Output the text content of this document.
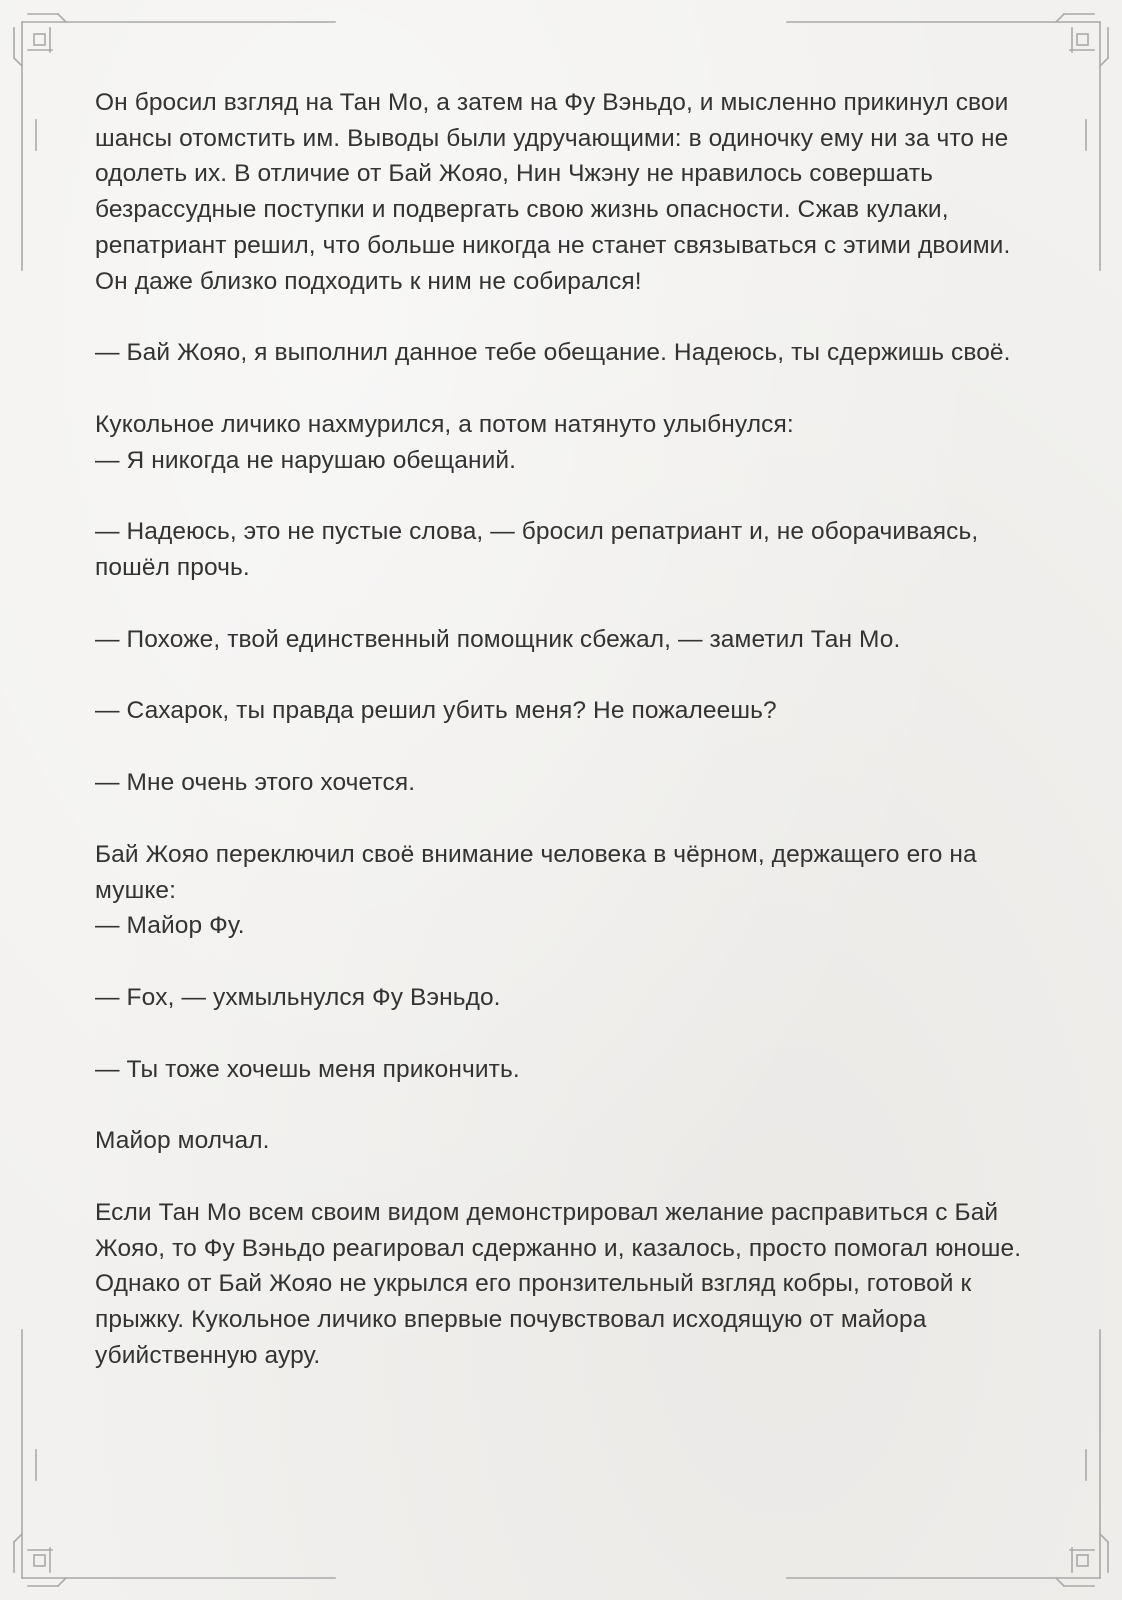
Он бросил взгляд на Тан Мо, а затем на Фу Вэньдо, и мысленно прикинул свои шансы отомстить им. Выводы были удручающими: в одиночку ему ни за что не одолеть их. В отличие от Бай Жояо, Нин Чжэну не нравилось совершать безрассудные поступки и подвергать свою жизнь опасности. Сжав кулаки, репатриант решил, что больше никогда не станет связываться с этими двоими. Он даже близко подходить к ним не собирался!

— Бай Жояо, я выполнил данное тебе обещание. Надеюсь, ты сдержишь своё.

Кукольное личико нахмурился, а потом натянуто улыбнулся:
— Я никогда не нарушаю обещаний.

— Надеюсь, это не пустые слова, — бросил репатриант и, не оборачиваясь, пошёл прочь.

— Похоже, твой единственный помощник сбежал, — заметил Тан Мо.

— Сахарок, ты правда решил убить меня? Не пожалеешь?

— Мне очень этого хочется.

Бай Жояо переключил своё внимание человека в чёрном, держащего его на мушке:
— Майор Фу.

— Fox, — ухмыльнулся Фу Вэньдо.

— Ты тоже хочешь меня прикончить.

Майор молчал.

Если Тан Мо всем своим видом демонстрировал желание расправиться с Бай Жояо, то Фу Вэньдо реагировал сдержанно и, казалось, просто помогал юноше. Однако от Бай Жояо не укрылся его пронзительный взгляд кобры, готовой к прыжку. Кукольное личико впервые почувствовал исходящую от майора убийственную ауру.
